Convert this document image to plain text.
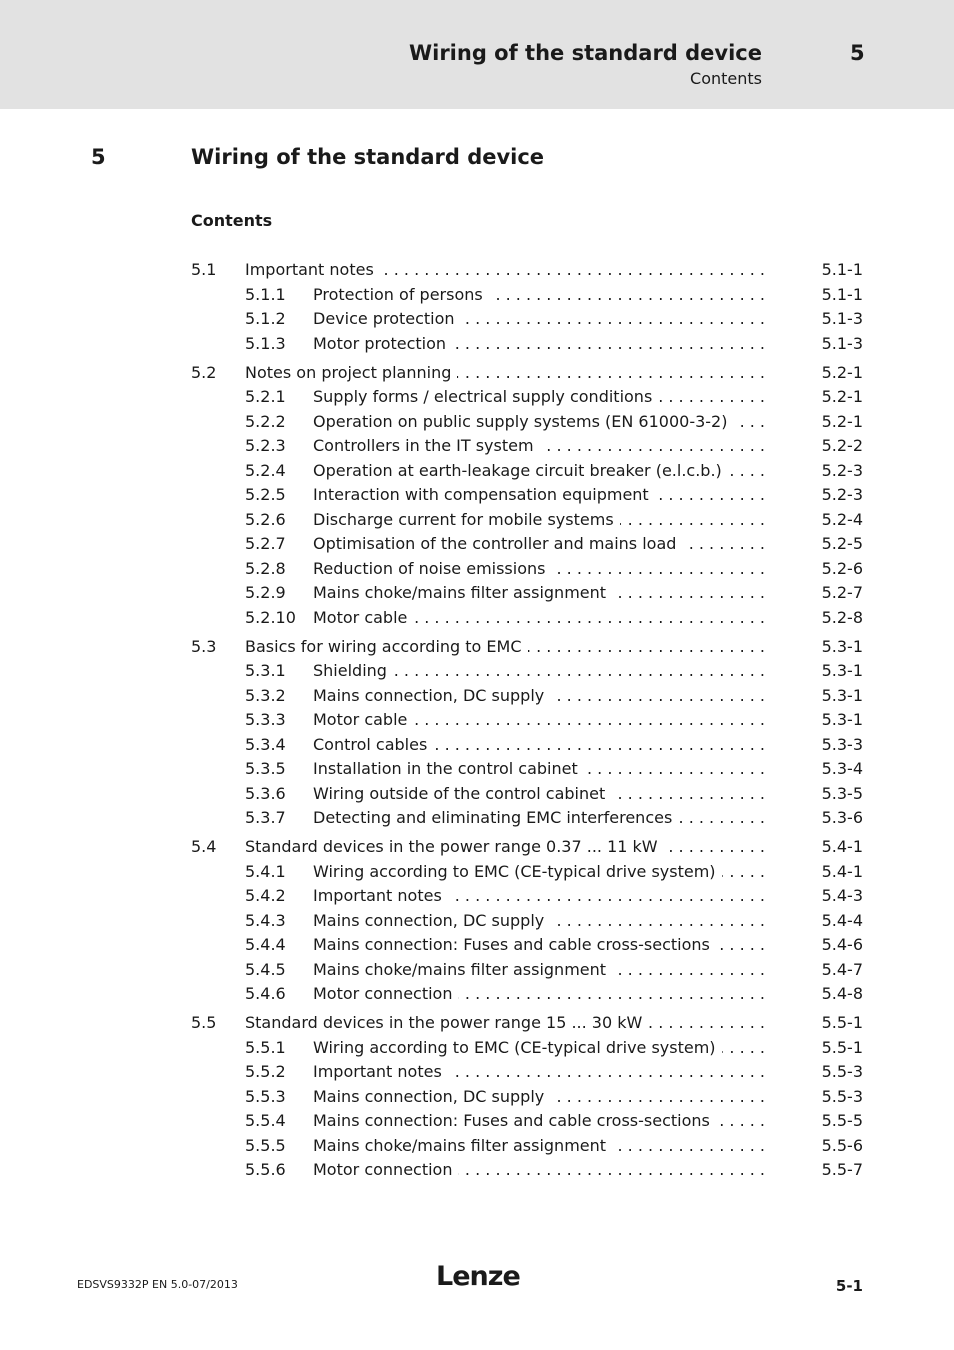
Wiring of the standard device	5
Contents
5	Wiring of the standard device
Contents
5.1 Important notes . . .	5.1-1
5.1.1 Protection of persons . . .	5.1-1
5.1.2 Device protection . . .	5.1-3
5.1.3 Motor protection . . .	5.1-3
5.2 Notes on project planning . . .	5.2-1
5.2.1 Supply forms / electrical supply conditions . . .	5.2-1
5.2.2 Operation on public supply systems (EN 61000-3-2) . . .	5.2-1
5.2.3 Controllers in the IT system . . .	5.2-2
5.2.4 Operation at earth-leakage circuit breaker (e.l.c.b.) . . .	5.2-3
5.2.5 Interaction with compensation equipment . . .	5.2-3
5.2.6 Discharge current for mobile systems . . .	5.2-4
5.2.7 Optimisation of the controller and mains load . . .	5.2-5
5.2.8 Reduction of noise emissions . . .	5.2-6
5.2.9 Mains choke/mains filter assignment . . .	5.2-7
5.2.10 Motor cable . . .	5.2-8
5.3 Basics for wiring according to EMC . . .	5.3-1
5.3.1 Shielding . . .	5.3-1
5.3.2 Mains connection, DC supply . . .	5.3-1
5.3.3 Motor cable . . .	5.3-1
5.3.4 Control cables . . .	5.3-3
5.3.5 Installation in the control cabinet . . .	5.3-4
5.3.6 Wiring outside of the control cabinet . . .	5.3-5
5.3.7 Detecting and eliminating EMC interferences . . .	5.3-6
5.4 Standard devices in the power range 0.37 ... 11 kW . . .	5.4-1
5.4.1 Wiring according to EMC (CE-typical drive system) . . .	5.4-1
5.4.2 Important notes . . .	5.4-3
5.4.3 Mains connection, DC supply . . .	5.4-4
5.4.4 Mains connection: Fuses and cable cross-sections . . .	5.4-6
5.4.5 Mains choke/mains filter assignment . . .	5.4-7
5.4.6 Motor connection . . .	5.4-8
5.5 Standard devices in the power range 15 ... 30 kW . . .	5.5-1
5.5.1 Wiring according to EMC (CE-typical drive system) . . .	5.5-1
5.5.2 Important notes . . .	5.5-3
5.5.3 Mains connection, DC supply . . .	5.5-3
5.5.4 Mains connection: Fuses and cable cross-sections . . .	5.5-5
5.5.5 Mains choke/mains filter assignment . . .	5.5-6
5.5.6 Motor connection . . .	5.5-7
EDSVS9332P EN 5.0-07/2013	Lenze	5-1
